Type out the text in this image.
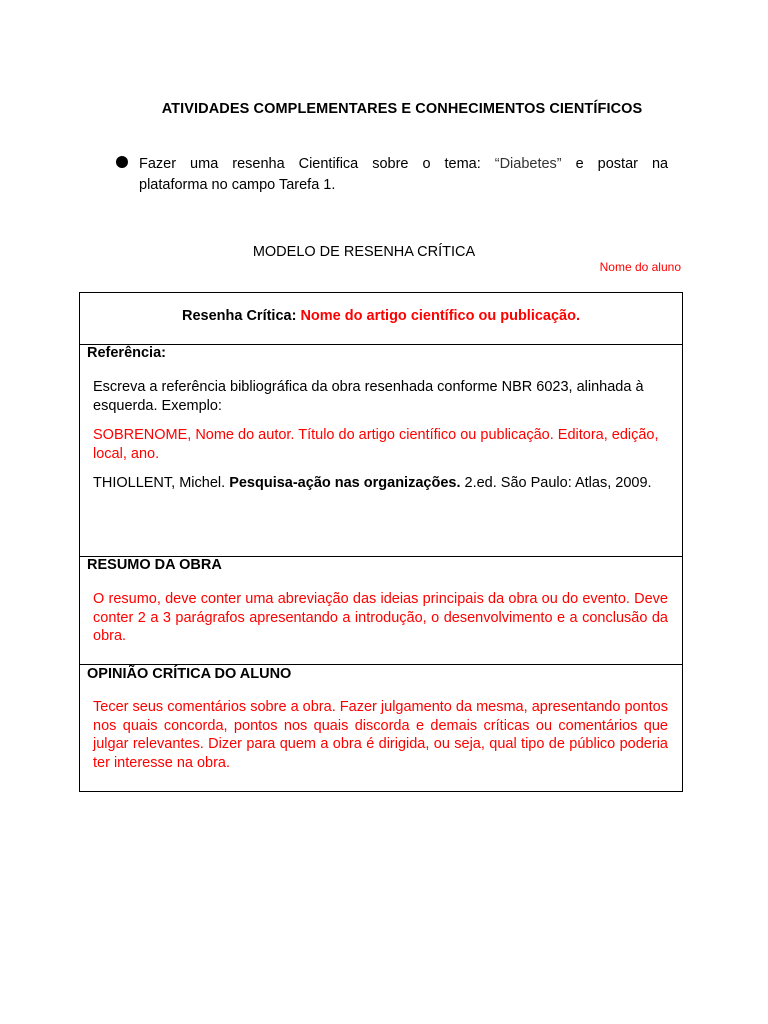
ATIVIDADES COMPLEMENTARES E CONHECIMENTOS CIENTÍFICOS
Fazer uma resenha Cientifica sobre o tema: “Diabetes” e postar na
plataforma no campo Tarefa 1.
MODELO DE RESENHA CRÍTICA
Nome do aluno
Resenha Crítica: Nome do artigo científico ou publicação.
Referência:
Escreva a referência bibliográfica da obra resenhada conforme NBR 6023, alinhada à esquerda. Exemplo:
SOBRENOME, Nome do autor. Título do artigo científico ou publicação. Editora, edição, local, ano.
THIOLLENT, Michel. Pesquisa-ação nas organizações. 2.ed. São Paulo: Atlas, 2009.
RESUMO DA OBRA
O resumo, deve conter uma abreviação das ideias principais da obra ou do evento. Deve conter 2 a 3 parágrafos apresentando a introdução, o desenvolvimento e a conclusão da obra.
OPINIÃO CRÍTICA DO ALUNO
Tecer seus comentários sobre a obra. Fazer julgamento da mesma, apresentando pontos nos quais concorda, pontos nos quais discorda e demais críticas ou comentários que julgar relevantes. Dizer para quem a obra é dirigida, ou seja, qual tipo de público poderia ter interesse na obra.
